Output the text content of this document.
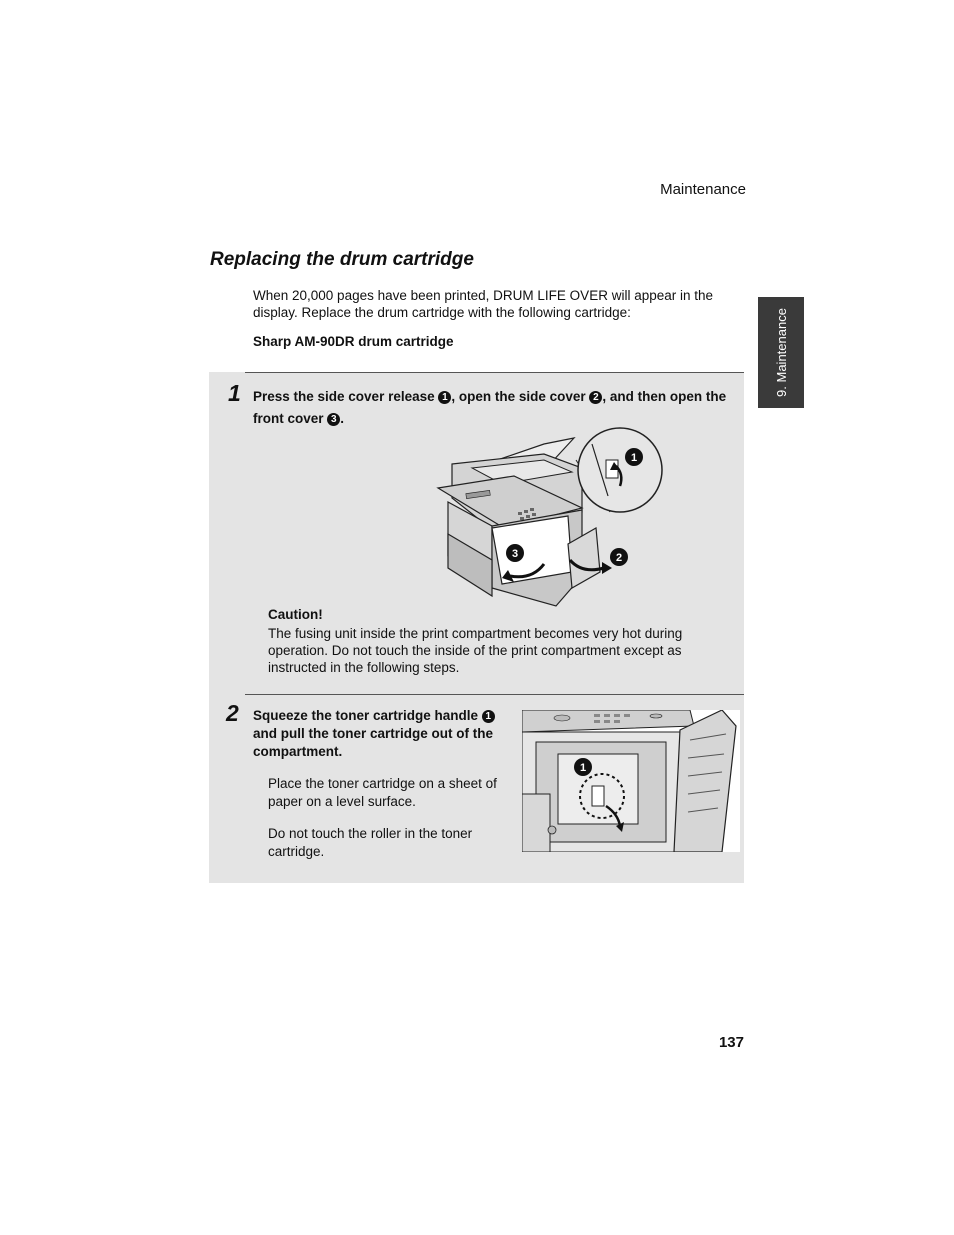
Maintenance
9. Maintenance
Replacing the drum cartridge
When 20,000 pages have been printed, DRUM LIFE OVER will appear in the display. Replace the drum cartridge with the following cartridge:
Sharp AM-90DR drum cartridge
1 Press the side cover release 1 , open the side cover 2 , and then open the front cover 3 .
1
2
3
Caution!
The fusing unit inside the print compartment becomes very hot during operation. Do not touch the inside of the print compartment except as instructed in the following steps.
2 Squeeze the toner cartridge handle 1 and pull the toner cartridge out of the compartment.
Place the toner cartridge on a sheet of paper on a level surface.
Do not touch the roller in the toner cartridge.
1
137
